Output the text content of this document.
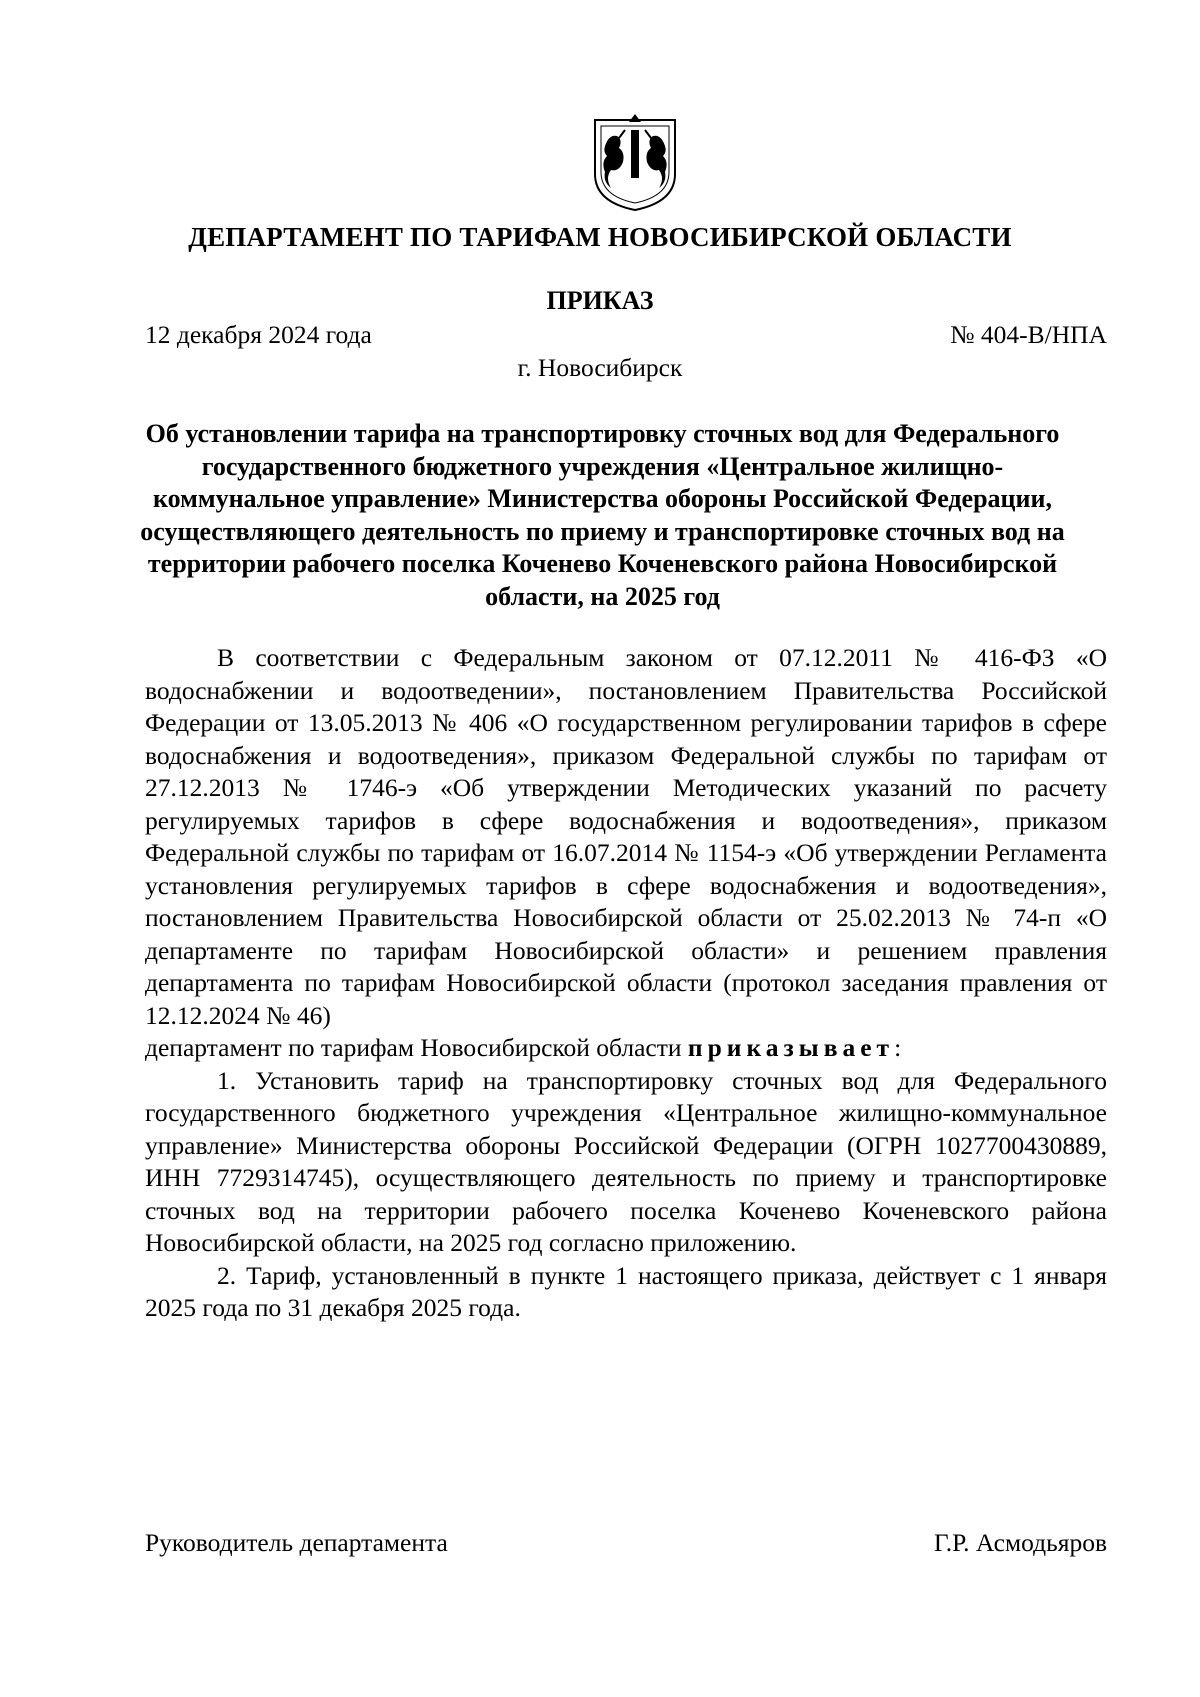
ДЕПАРТАМЕНТ ПО ТАРИФАМ НОВОСИБИРСКОЙ ОБЛАСТИ
ПРИКАЗ
12 декабря 2024 года	№ 404-В/НПА
г. Новосибирск
Об установлении тарифа на транспортировку сточных вод для Федерального государственного бюджетного учреждения «Центральное жилищно-коммунальное управление» Министерства обороны Российской Федерации, осуществляющего деятельность по приему и транспортировке сточных вод на территории рабочего поселка Коченево Коченевского района Новосибирской области, на 2025 год

В соответствии с Федеральным законом от 07.12.2011 № 416-ФЗ «О водоснабжении и водоотведении», постановлением Правительства Российской Федерации от 13.05.2013 № 406 «О государственном регулировании тарифов в сфере водоснабжения и водоотведения», приказом Федеральной службы по тарифам от 27.12.2013 № 1746-э «Об утверждении Методических указаний по расчету регулируемых тарифов в сфере водоснабжения и водоотведения», приказом Федеральной службы по тарифам от 16.07.2014 № 1154-э «Об утверждении Регламента установления регулируемых тарифов в сфере водоснабжения и водоотведения», постановлением Правительства Новосибирской области от 25.02.2013 № 74-п «О департаменте по тарифам Новосибирской области» и решением правления департамента по тарифам Новосибирской области (протокол заседания правления от 12.12.2024 № 46)

департамент по тарифам Новосибирской области приказывает:

1. Установить тариф на транспортировку сточных вод для Федерального государственного бюджетного учреждения «Центральное жилищно-коммунальное управление» Министерства обороны Российской Федерации (ОГРН 1027700430889, ИНН 7729314745), осуществляющего деятельность по приему и транспортировке сточных вод на территории рабочего поселка Коченево Коченевского района Новосибирской области, на 2025 год согласно приложению.

2. Тариф, установленный в пункте 1 настоящего приказа, действует с 1 января 2025 года по 31 декабря 2025 года.

Руководитель департамента	Г.Р. Асмодьяров
